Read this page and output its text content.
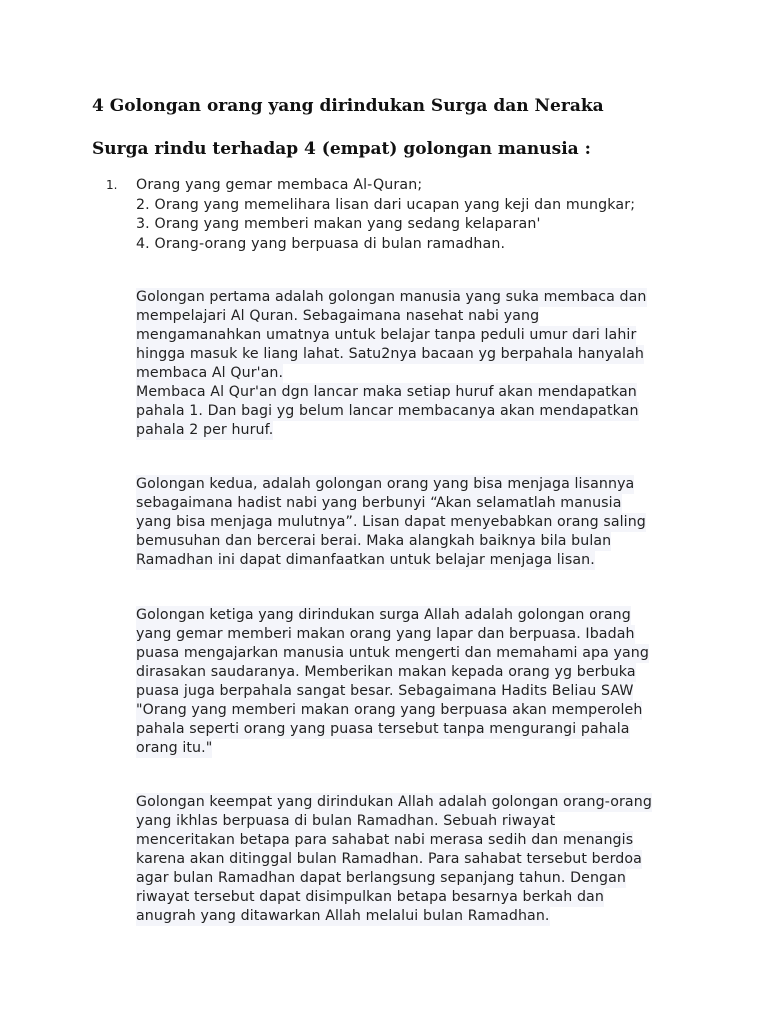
4 Golongan orang yang dirindukan Surga dan Neraka
Surga rindu terhadap 4 (empat) golongan manusia :
1.	Orang yang gemar membaca Al-Quran;
2. Orang yang memelihara lisan dari ucapan yang keji dan mungkar;
3. Orang yang memberi makan yang sedang kelaparan'
4. Orang-orang yang berpuasa di bulan ramadhan.
Golongan pertama adalah golongan manusia yang suka membaca dan
mempelajari Al Quran. Sebagaimana nasehat nabi yang
mengamanahkan umatnya untuk belajar tanpa peduli umur dari lahir
hingga masuk ke liang lahat. Satu2nya bacaan yg berpahala hanyalah
membaca Al Qur'an.
Membaca Al Qur'an dgn lancar maka setiap huruf akan mendapatkan
pahala 1. Dan bagi yg belum lancar membacanya akan mendapatkan
pahala 2 per huruf.
Golongan kedua, adalah golongan orang yang bisa menjaga lisannya
sebagaimana hadist nabi yang berbunyi “Akan selamatlah manusia
yang bisa menjaga mulutnya”. Lisan dapat menyebabkan orang saling
bemusuhan dan bercerai berai. Maka alangkah baiknya bila bulan
Ramadhan ini dapat dimanfaatkan untuk belajar menjaga lisan.
Golongan ketiga yang dirindukan surga Allah adalah golongan orang
yang gemar memberi makan orang yang lapar dan berpuasa. Ibadah
puasa mengajarkan manusia untuk mengerti dan memahami apa yang
dirasakan saudaranya. Memberikan makan kepada orang yg berbuka
puasa juga berpahala sangat besar. Sebagaimana Hadits Beliau SAW
"Orang yang memberi makan orang yang berpuasa akan memperoleh
pahala seperti orang yang puasa tersebut tanpa mengurangi pahala
orang itu."
Golongan keempat yang dirindukan Allah adalah golongan orang-orang
yang ikhlas berpuasa di bulan Ramadhan. Sebuah riwayat
menceritakan betapa para sahabat nabi merasa sedih dan menangis
karena akan ditinggal bulan Ramadhan. Para sahabat tersebut berdoa
agar bulan Ramadhan dapat berlangsung sepanjang tahun. Dengan
riwayat tersebut dapat disimpulkan betapa besarnya berkah dan
anugrah yang ditawarkan Allah melalui bulan Ramadhan.
